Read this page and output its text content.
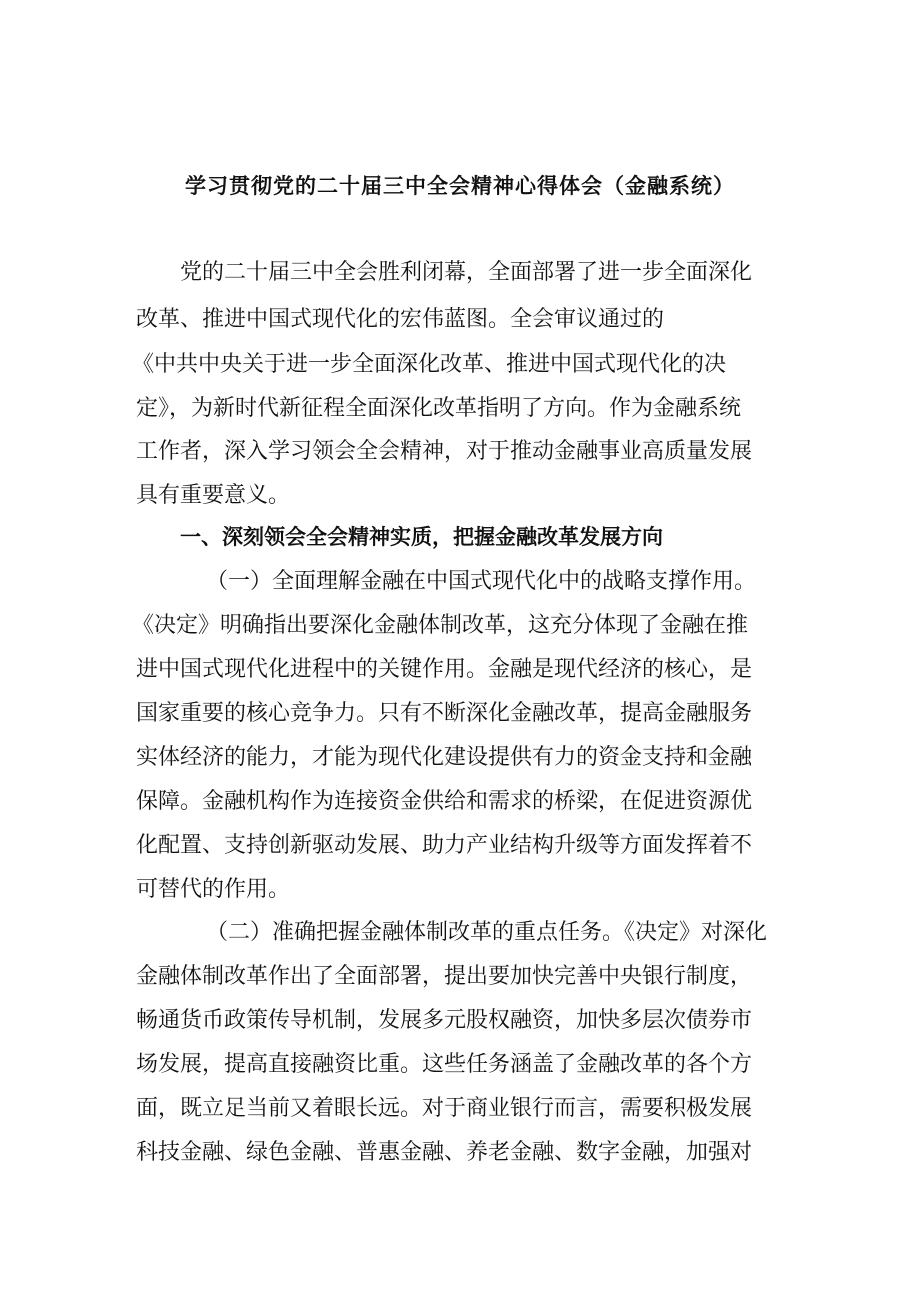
学习贯彻党的二十届三中全会精神心得体会（金融系统）
党的二十届三中全会胜利闭幕，全面部署了进一步全面深化
改革、推进中国式现代化的宏伟蓝图。全会审议通过的
《中共中央关于进一步全面深化改革、推进中国式现代化的决
定》，为新时代新征程全面深化改革指明了方向。作为金融系统
工作者，深入学习领会全会精神，对于推动金融事业高质量发展
具有重要意义。
一、深刻领会全会精神实质，把握金融改革发展方向
（一）全面理解金融在中国式现代化中的战略支撑作用。
《决定》明确指出要深化金融体制改革，这充分体现了金融在推
进中国式现代化进程中的关键作用。金融是现代经济的核心，是
国家重要的核心竞争力。只有不断深化金融改革，提高金融服务
实体经济的能力，才能为现代化建设提供有力的资金支持和金融
保障。金融机构作为连接资金供给和需求的桥梁，在促进资源优
化配置、支持创新驱动发展、助力产业结构升级等方面发挥着不
可替代的作用。
（二）准确把握金融体制改革的重点任务。《决定》对深化
金融体制改革作出了全面部署，提出要加快完善中央银行制度，
畅通货币政策传导机制，发展多元股权融资，加快多层次债券市
场发展，提高直接融资比重。这些任务涵盖了金融改革的各个方
面，既立足当前又着眼长远。对于商业银行而言，需要积极发展
科技金融、绿色金融、普惠金融、养老金融、数字金融，加强对
